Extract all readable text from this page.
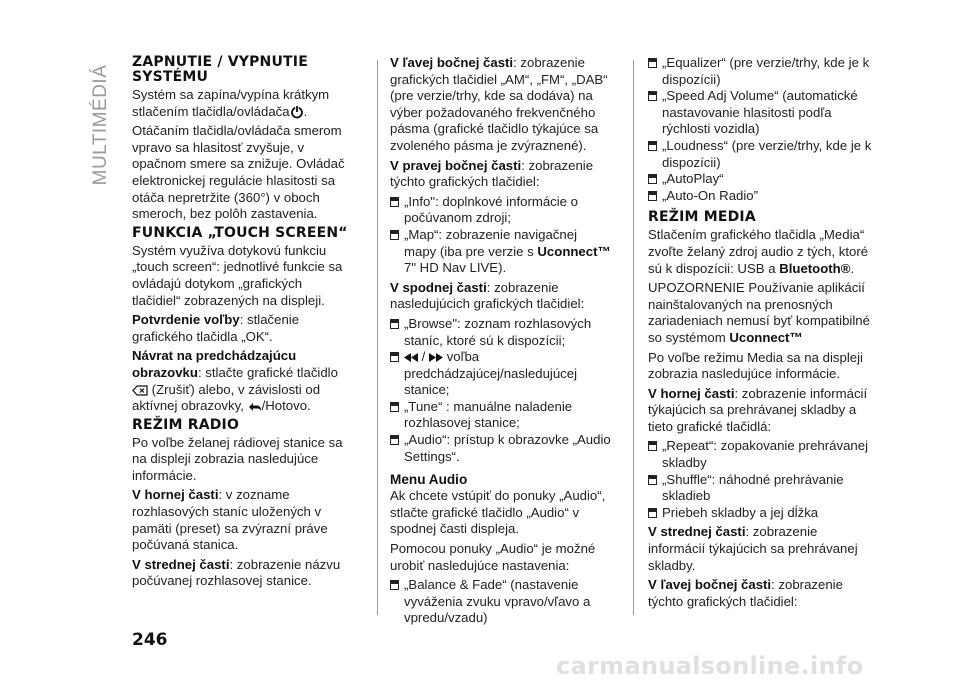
MULTIMÉDIÁ
ZAPNUTIE / VYPNUTIE SYSTÉMU

Systém sa zapína/vypína krátkym stlačením tlačidla/ovládača .

Otáčaním tlačidla/ovládača smerom vpravo sa hlasitosť zvyšuje, v opačnom smere sa znižuje. Ovládač elektronickej regulácie hlasitosti sa otáča nepretržite (360°) v oboch smeroch, bez polôh zastavenia.

FUNKCIA „TOUCH SCREEN“

Systém využíva dotykovú funkciu „touch screen“: jednotlivé funkcie sa ovládajú dotykom „grafických tlačidiel“ zobrazených na displeji.

Potvrdenie voľby: stlačenie grafického tlačidla „OK“.

Návrat na predchádzajúcu obrazovku: stlačte grafické tlačidlo  (Zrušiť) alebo, v závislosti od aktívnej obrazovky, /Hotovo.

REŽIM RADIO

Po voľbe želanej rádiovej stanice sa na displeji zobrazia nasledujúce informácie.

V hornej časti: v zozname rozhlasových staníc uložených v pamäti (preset) sa zvýrazní práve počúvaná stanica.

V strednej časti: zobrazenie názvu počúvanej rozhlasovej stanice.

V ľavej bočnej časti: zobrazenie grafických tlačidiel „AM“, „FM“, „DAB“ (pre verzie/trhy, kde sa dodáva) na výber požadovaného frekvenčného pásma (grafické tlačidlo týkajúce sa zvoleného pásma je zvýraznené).

V pravej bočnej časti: zobrazenie týchto grafických tlačidiel:

„Info": doplnkové informácie o počúvanom zdroji;
„Map“: zobrazenie navigačnej mapy (iba pre verzie s Uconnect™ 7" HD Nav LIVE).

V spodnej časti: zobrazenie nasledujúcich grafických tlačidiel:

„Browse": zoznam rozhlasových staníc, ktoré sú k dispozícii;
/ voľba predchádzajúcej/nasledujúcej stanice;
„Tune“ : manuálne naladenie rozhlasovej stanice;
„Audio“: prístup k obrazovke „Audio Settings“.
Menu Audio

Ak chcete vstúpiť do ponuky „Audio“, stlačte grafické tlačidlo „Audio“ v spodnej časti displeja.

Pomocou ponuky „Audio“ je možné urobiť nasledujúce nastavenia:

„Balance & Fade“ (nastavenie vyváženia zvuku vpravo/vľavo a vpredu/vzadu)
„Equalizer“ (pre verzie/trhy, kde je k dispozícii)
„Speed Adj Volume“ (automatické nastavovanie hlasitosti podľa rýchlosti vozidla)
„Loudness“ (pre verzie/trhy, kde je k dispozícii)
„AutoPlay“
„Auto-On Radio”
REŽIM MEDIA

Stlačením grafického tlačidla „Media“ zvoľte želaný zdroj audio z tých, ktoré sú k dispozícii: USB a Bluetooth®.

UPOZORNENIE Používanie aplikácií nainštalovaných na prenosných zariadeniach nemusí byť kompatibilné so systémom Uconnect™

Po voľbe režimu Media sa na displeji zobrazia nasledujúce informácie.

V hornej časti: zobrazenie informácií týkajúcich sa prehrávanej skladby a tieto grafické tlačidlá:

„Repeat“: zopakovanie prehrávanej skladby
„Shuffle“: náhodné prehrávanie skladieb
Priebeh skladby a jej dĺžka

V strednej časti: zobrazenie informácií týkajúcich sa prehrávanej skladby.

V ľavej bočnej časti: zobrazenie týchto grafických tlačidiel:

246
carmanualsonline.info
